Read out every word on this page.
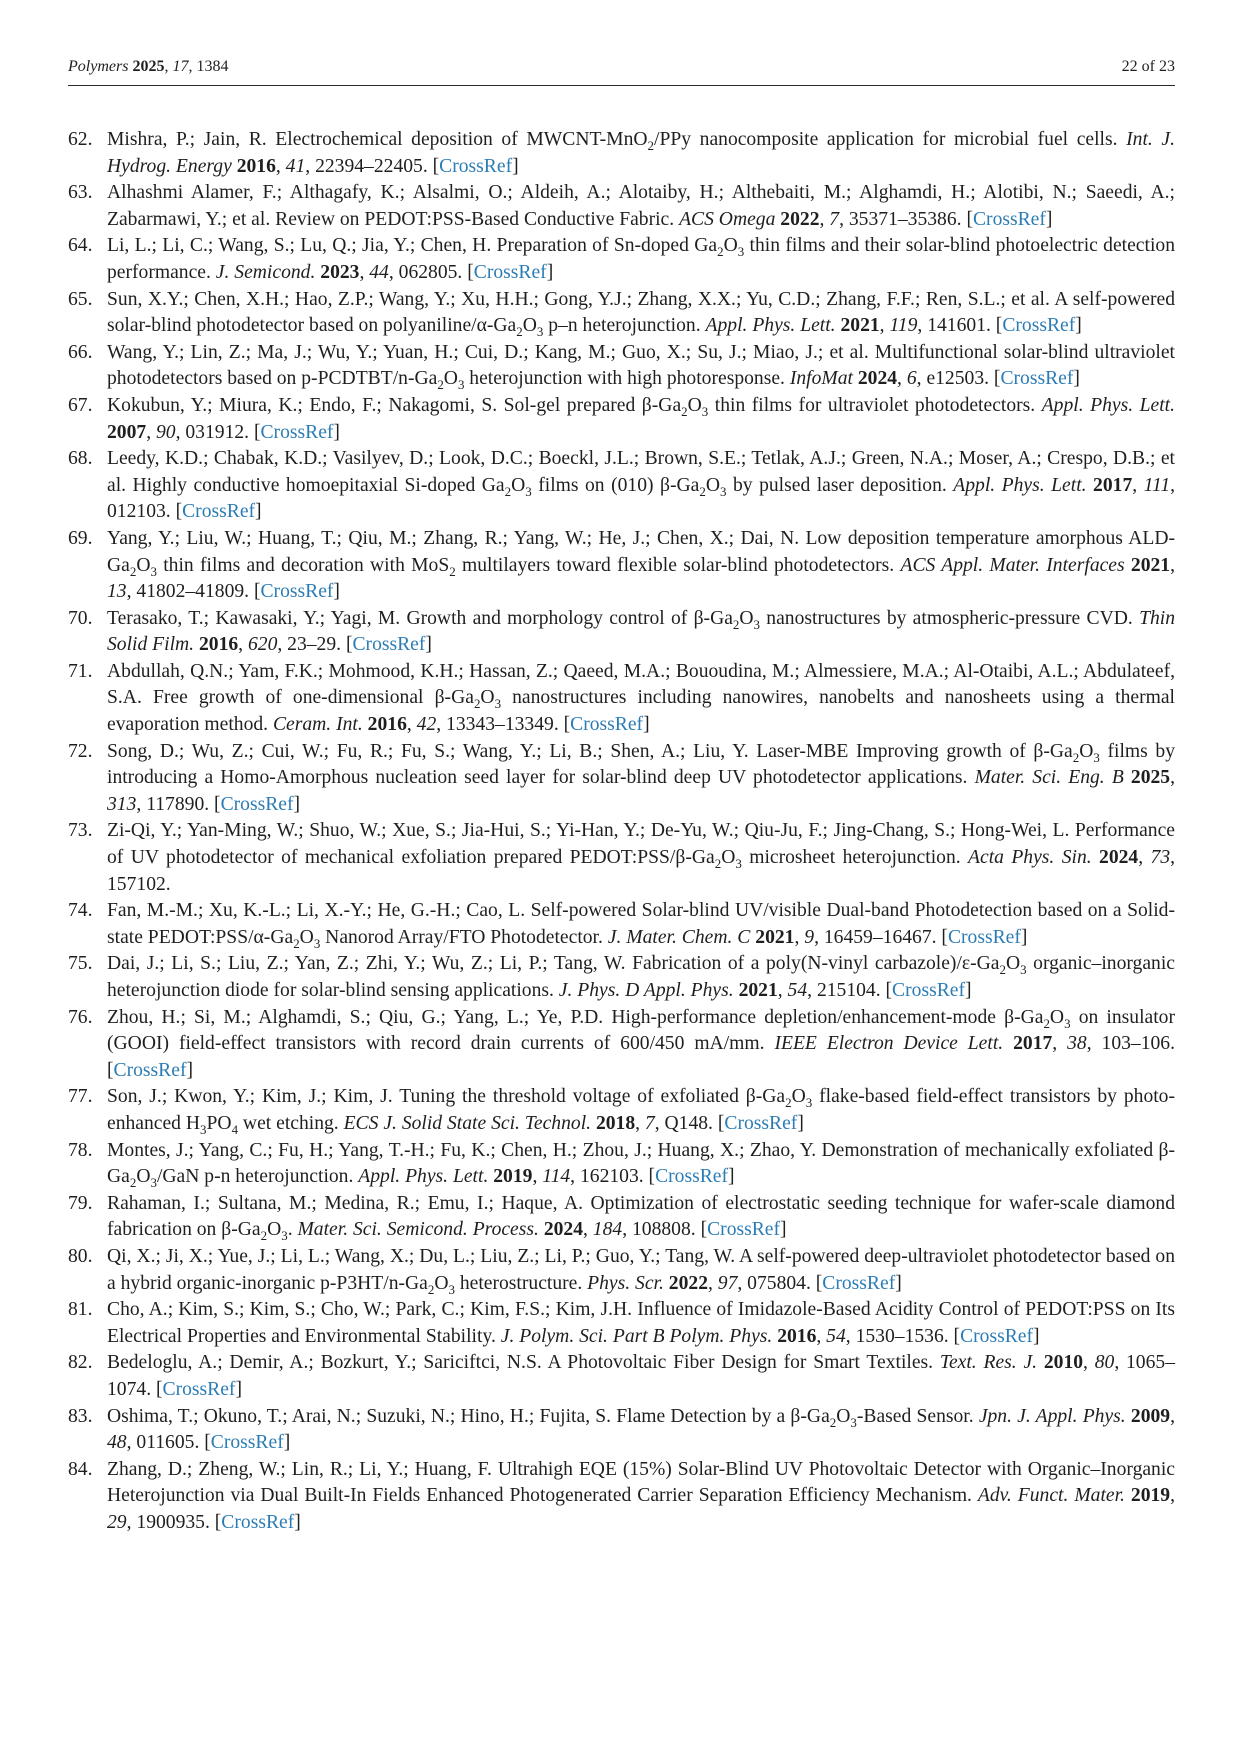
Polymers 2025, 17, 1384	22 of 23
62. Mishra, P.; Jain, R. Electrochemical deposition of MWCNT-MnO$_2$/PPy nanocomposite application for microbial fuel cells. Int. J. Hydrog. Energy 2016, 41, 22394–22405. [CrossRef]
63. Alhashmi Alamer, F.; Althagafy, K.; Alsalmi, O.; Aldeih, A.; Alotaiby, H.; Althebaiti, M.; Alghamdi, H.; Alotibi, N.; Saeedi, A.; Zabarmawi, Y.; et al. Review on PEDOT:PSS-Based Conductive Fabric. ACS Omega 2022, 7, 35371–35386. [CrossRef]
64. Li, L.; Li, C.; Wang, S.; Lu, Q.; Jia, Y.; Chen, H. Preparation of Sn-doped $Ga_2O_3$ thin films and their solar-blind photoelectric detection performance. J. Semicond. 2023, 44, 062805. [CrossRef]
65. Sun, X.Y.; Chen, X.H.; Hao, Z.P.; Wang, Y.; Xu, H.H.; Gong, Y.J.; Zhang, X.X.; Yu, C.D.; Zhang, F.F.; Ren, S.L.; et al. A self-powered solar-blind photodetector based on polyaniline/$\alpha-Ga_2O_3$ p–n heterojunction. Appl. Phys. Lett. 2021, 119, 141601. [CrossRef]
66. Wang, Y.; Lin, Z.; Ma, J.; Wu, Y.; Yuan, H.; Cui, D.; Kang, M.; Guo, X.; Su, J.; Miao, J.; et al. Multifunctional solar-blind ultraviolet photodetectors based on $p-PCDTBT/n-Ga_2O_3$ heterojunction with high photoresponse. InfoMat 2024, 6, e12503. [CrossRef]
67. Kokubun, Y.; Miura, K.; Endo, F.; Nakagomi, S. Sol-gel prepared $\beta-Ga_2O_3$ thin films for ultraviolet photodetectors. Appl. Phys. Lett. 2007, 90, 031912. [CrossRef]
68. Leedy, K.D.; Chabak, K.D.; Vasilyev, D.; Look, D.C.; Boeckl, J.L.; Brown, S.E.; Tetlak, A.J.; Green, N.A.; Moser, A.; Crespo, D.B.; et al. Highly conductive homoepitaxial Si-doped $Ga_2O_3$ films on (010) $\beta-Ga_2O_3$ by pulsed laser deposition. Appl. Phys. Lett. 2017, 111, 012103. [CrossRef]
69. Yang, Y.; Liu, W.; Huang, T.; Qiu, M.; Zhang, R.; Yang, W.; He, J.; Chen, X.; Dai, N. Low deposition temperature amorphous ALD-$Ga_2O_3$ thin films and decoration with MoS$_2$ multilayers toward flexible solar-blind photodetectors. ACS Appl. Mater. Interfaces 2021, 13, 41802–41809. [CrossRef]
70. Terasako, T.; Kawasaki, Y.; Yagi, M. Growth and morphology control of $\beta-Ga_2O_3$ nanostructures by atmospheric-pressure CVD. Thin Solid Film. 2016, 620, 23–29. [CrossRef]
71. Abdullah, Q.N.; Yam, F.K.; Mohmood, K.H.; Hassan, Z.; Qaeed, M.A.; Bououdina, M.; Almessiere, M.A.; Al-Otaibi, A.L.; Abdulateef, S.A. Free growth of one-dimensional $\beta-Ga_2O_3$ nanostructures including nanowires, nanobelts and nanosheets using a thermal evaporation method. Ceram. Int. 2016, 42, 13343–13349. [CrossRef]
72. Song, D.; Wu, Z.; Cui, W.; Fu, R.; Fu, S.; Wang, Y.; Li, B.; Shen, A.; Liu, Y. Laser-MBE Improving growth of $\beta-Ga_2O_3$ films by introducing a Homo-Amorphous nucleation seed layer for solar-blind deep UV photodetector applications. Mater. Sci. Eng. B 2025, 313, 117890. [CrossRef]
73. Zi-Qi, Y.; Yan-Ming, W.; Shuo, W.; Xue, S.; Jia-Hui, S.; Yi-Han, Y.; De-Yu, W.; Qiu-Ju, F.; Jing-Chang, S.; Hong-Wei, L. Performance of UV photodetector of mechanical exfoliation prepared $PEDOT:PSS/\beta-Ga_2O_3$ microsheet heterojunction. Acta Phys. Sin. 2024, 73, 157102.
74. Fan, M.-M.; Xu, K.-L.; Li, X.-Y.; He, G.-H.; Cao, L. Self-powered Solar-blind UV/visible Dual-band Photodetection based on a Solid-state $PEDOT:PSS/\alpha-Ga_2O_3$ Nanorod Array/FTO Photodetector. J. Mater. Chem. C 2021, 9, 16459–16467. [CrossRef]
75. Dai, J.; Li, S.; Liu, Z.; Yan, Z.; Zhi, Y.; Wu, Z.; Li, P.; Tang, W. Fabrication of a poly(N-vinyl $carbazole)/\varepsilon-Ga_2O_3$ organic–inorganic heterojunction diode for solar-blind sensing applications. J. Phys. D Appl. Phys. 2021, 54, 215104. [CrossRef]
76. Zhou, H.; Si, M.; Alghamdi, S.; Qiu, G.; Yang, L.; Ye, P.D. High-performance depletion/enhancement-mode $\beta-Ga_2O_3$ on insulator (GOOI) field-effect transistors with record drain currents of 600/450 mA/mm. IEEE Electron Device Lett. 2017, 38, 103–106. [CrossRef]
77. Son, J.; Kwon, Y.; Kim, J.; Kim, J. Tuning the threshold voltage of exfoliated $\beta-Ga_2O_3$ flake-based field-effect transistors by photo-enhanced $H_3PO_4$ wet etching. ECS J. Solid State Sci. Technol. 2018, 7, Q148. [CrossRef]
78. Montes, J.; Yang, C.; Fu, H.; Yang, T.-H.; Fu, K.; Chen, H.; Zhou, J.; Huang, X.; Zhao, Y. Demonstration of mechanically exfoliated $\beta-Ga_2O_3$/GaN p-n heterojunction. Appl. Phys. Lett. 2019, 114, 162103. [CrossRef]
79. Rahaman, I.; Sultana, M.; Medina, R.; Emu, I.; Haque, A. Optimization of electrostatic seeding technique for wafer-scale diamond fabrication on $\beta-Ga_2O_3$. Mater. Sci. Semicond. Process. 2024, 184, 108808. [CrossRef]
80. Qi, X.; Ji, X.; Yue, J.; Li, L.; Wang, X.; Du, L.; Liu, Z.; Li, P.; Guo, Y.; Tang, W. A self-powered deep-ultraviolet photodetector based on a hybrid organic-inorganic $p-P3HT/n-Ga_2O_3$ heterostructure. Phys. Scr. 2022, 97, 075804. [CrossRef]
81. Cho, A.; Kim, S.; Kim, S.; Cho, W.; Park, C.; Kim, F.S.; Kim, J.H. Influence of Imidazole-Based Acidity Control of PEDOT:PSS on Its Electrical Properties and Environmental Stability. J. Polym. Sci. Part B Polym. Phys. 2016, 54, 1530–1536. [CrossRef]
82. Bedeloglu, A.; Demir, A.; Bozkurt, Y.; Sariciftci, N.S. A Photovoltaic Fiber Design for Smart Textiles. Text. Res. J. 2010, 80, 1065–1074. [CrossRef]
83. Oshima, T.; Okuno, T.; Arai, N.; Suzuki, N.; Hino, H.; Fujita, S. Flame Detection by a $\beta-Ga_2O_3$-Based Sensor. Jpn. J. Appl. Phys. 2009, 48, 011605. [CrossRef]
84. Zhang, D.; Zheng, W.; Lin, R.; Li, Y.; Huang, F. Ultrahigh EQE (15%) Solar-Blind UV Photovoltaic Detector with Organic–Inorganic Heterojunction via Dual Built-In Fields Enhanced Photogenerated Carrier Separation Efficiency Mechanism. Adv. Funct. Mater. 2019, 29, 1900935. [CrossRef]
